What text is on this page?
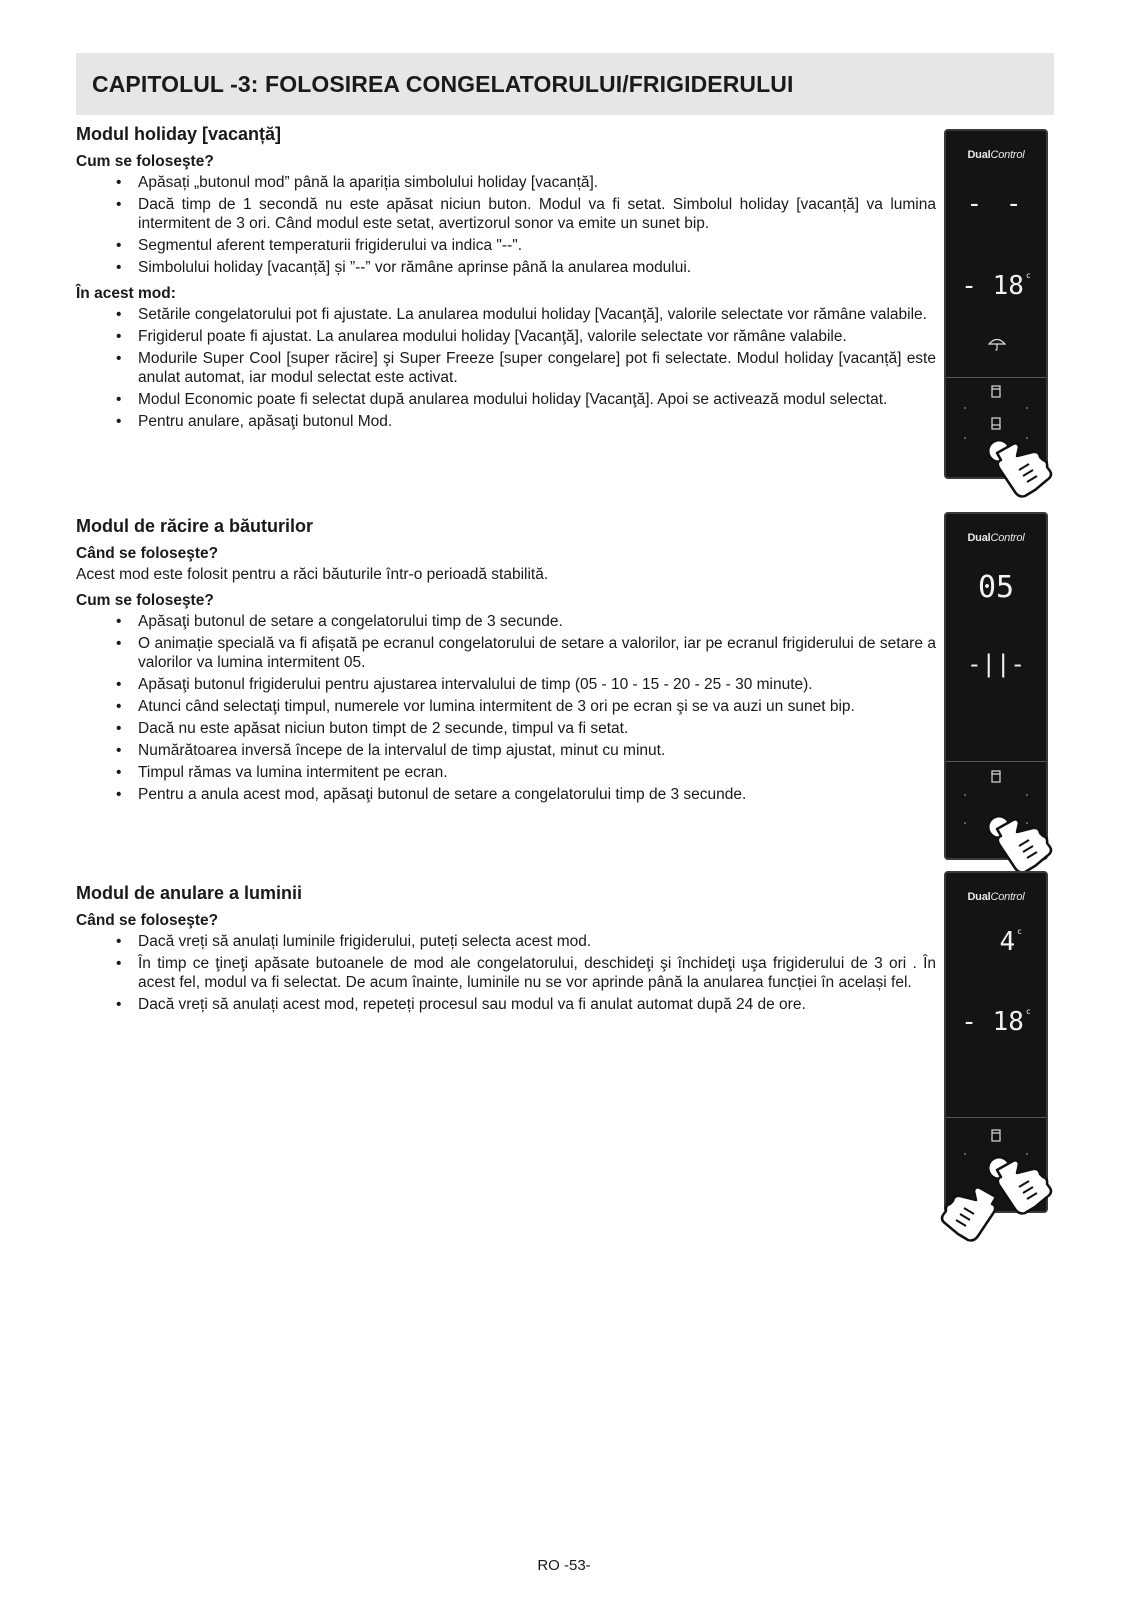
CAPITOLUL -3: FOLOSIREA CONGELATORULUI/FRIGIDERULUI
Modul holiday [vacanță]
Cum se foloseşte?
• Apăsați „butonul mod” până la apariția simbolului holiday [vacanță].
• Dacă timp de 1 secondă nu este apăsat niciun buton. Modul va fi setat. Simbolul holiday [vacanță] va lumina intermitent de 3 ori. Când modul este setat, avertizorul sonor va emite un sunet bip.
• Segmentul aferent temperaturii frigiderului va indica "--".
• Simbolului holiday [vacanță] și ”--” vor rămâne aprinse până la anularea modului.
În acest mod:
• Setările congelatorului pot fi ajustate. La anularea modului holiday [Vacanţă], valorile selectate vor rămâne valabile.
• Frigiderul poate fi ajustat. La anularea modului holiday [Vacanţă], valorile selectate vor rămâne valabile.
• Modurile Super Cool [super răcire] şi Super Freeze [super congelare] pot fi selectate. Modul holiday [vacanță] este anulat automat, iar modul selectat este activat.
• Modul Economic poate fi selectat după anularea modului holiday [Vacanţă]. Apoi se activează modul selectat.
• Pentru anulare, apăsaţi butonul Mod.
Modul de răcire a băuturilor
Când se foloseşte?

Acest mod este folosit pentru a răci băuturile într-o perioadă stabilită.

Cum se foloseşte?
• Apăsaţi butonul de setare a congelatorului timp de 3 secunde.
• O animație specială va fi afișată pe ecranul congelatorului de setare a valorilor, iar pe ecranul frigiderului de setare a valorilor va lumina intermitent 05.
• Apăsaţi butonul frigiderului pentru ajustarea intervalului de timp (05 - 10 - 15 - 20 - 25 - 30 minute).
• Atunci când selectaţi timpul, numerele vor lumina intermitent de 3 ori pe ecran şi se va auzi un sunet bip.
• Dacă nu este apăsat niciun buton timpt de 2 secunde, timpul va fi setat.
• Numărătoarea inversă începe de la intervalul de timp ajustat, minut cu minut.
• Timpul rămas va lumina intermitent pe ecran.
• Pentru a anula acest mod, apăsaţi butonul de setare a congelatorului timp de 3 secunde.
Modul de anulare a luminii
Când se foloseşte?
• Dacă vreți să anulați luminile frigiderului, puteți selecta acest mod.
• În timp ce ţineţi apăsate butoanele de mod ale congelatorului, deschideţi şi închideţi uşa frigiderului de 3 ori . În acest fel, modul va fi selectat. De acum înainte, luminile nu se vor aprinde până la anularea funcției în același fel.
• Dacă vreți să anulați acest mod, repeteți procesul sau modul va fi anulat automat după 24 de ore.
DualControl
- -
- 18 $^c$
DualControl
05
-||-
DualControl
4 $^c$
- 18 $^c$
RO -53-
